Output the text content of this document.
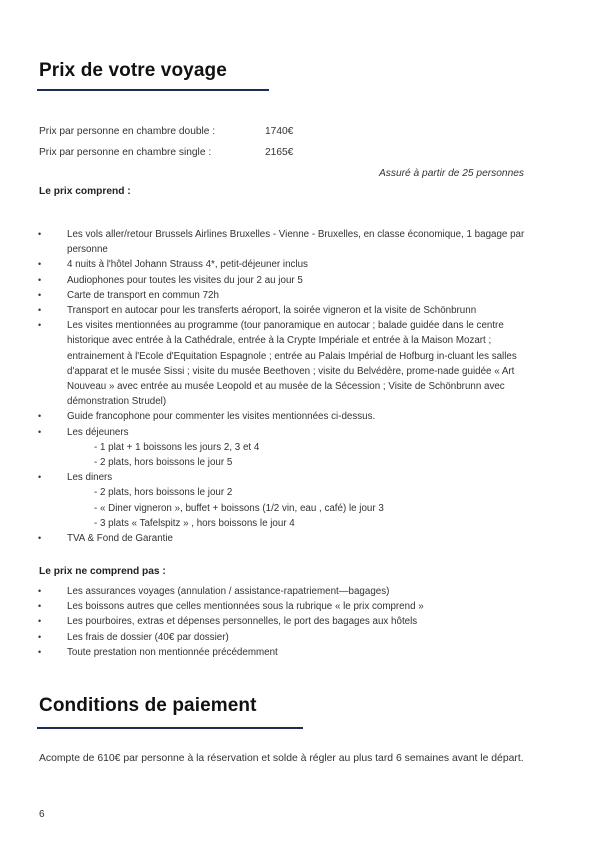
Prix de votre voyage
Prix par personne en chambre double :	1740€
Prix par personne en chambre single :	2165€
Assuré à partir de 25 personnes
Le prix comprend :
•	Les vols aller/retour Brussels Airlines Bruxelles - Vienne - Bruxelles, en classe économique, 1 bagage par personne
•	4 nuits à l'hôtel Johann Strauss 4*, petit-déjeuner inclus
•	Audiophones pour toutes les visites du jour 2 au jour 5
•	Carte de transport en commun 72h
•	Transport en autocar pour les transferts aéroport, la soirée vigneron et la visite de Schönbrunn
•	Les visites mentionnées au programme (tour panoramique en autocar ; balade guidée dans le centre historique avec entrée à la Cathédrale, entrée à la Crypte Impériale et entrée à la Maison Mozart ; entrainement à l'Ecole d'Equitation Espagnole ; entrée au Palais Impérial de Hofburg in-cluant les salles d'apparat et le musée Sissi ; visite du musée Beethoven ; visite du Belvédère, prome-nade guidée « Art Nouveau » avec entrée au musée Leopold et au musée de la Sécession ; Visite de Schönbrunn avec démonstration Strudel)
•	Guide francophone pour commenter les visites mentionnées ci-dessus.
•	Les déjeuners
- 1 plat + 1 boissons les jours 2, 3 et 4
- 2 plats, hors boissons le jour 5
•	Les diners
- 2 plats, hors boissons le jour 2
- « Diner vigneron », buffet + boissons (1/2 vin, eau , café) le jour 3
- 3 plats « Tafelspitz » , hors boissons le jour 4
•	TVA & Fond de Garantie
Le prix ne comprend pas :
•	Les assurances voyages (annulation / assistance-rapatriement—bagages)
•	Les boissons autres que celles mentionnées sous la rubrique « le prix comprend »
•	Les pourboires, extras et dépenses personnelles, le port des bagages aux hôtels
•	Les frais de dossier (40€ par dossier)
•	Toute prestation non mentionnée précédemment
Conditions de paiement
Acompte de 610€ par personne à la réservation et solde à régler au plus tard 6 semaines avant le départ.
6
